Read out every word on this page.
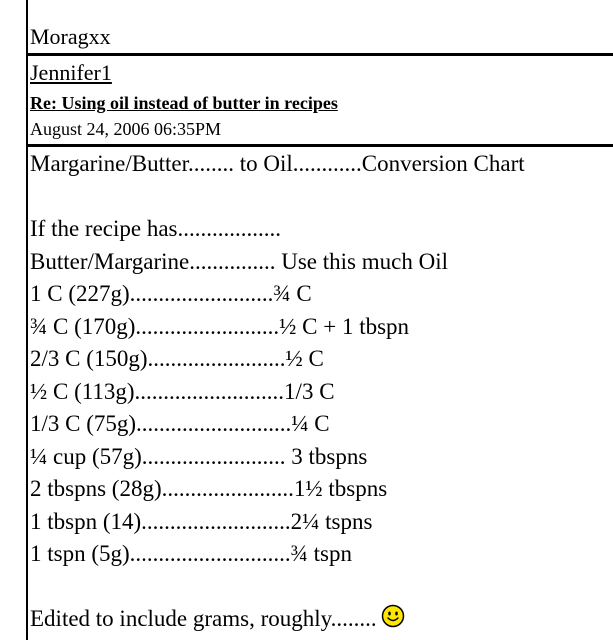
Moragxx
Jennifer1
Re: Using oil instead of butter in recipes
August 24, 2006 06:35PM
Margarine/Butter........ to Oil............Conversion Chart
If the recipe has..................
Butter/Margarine............... Use this much Oil
1 C (227g).........................¾ C
¾ C (170g).........................½ C + 1 tbspn
2/3 C (150g)........................½ C
½ C (113g)..........................1/3 C
1/3 C (75g)...........................¼ C
¼ cup (57g)......................... 3 tbspns
2 tbspns (28g).......................1½ tbspns
1 tbspn (14)..........................2¼ tspns
1 tspn (5g)............................¾ tspn
Edited to include grams, roughly........
